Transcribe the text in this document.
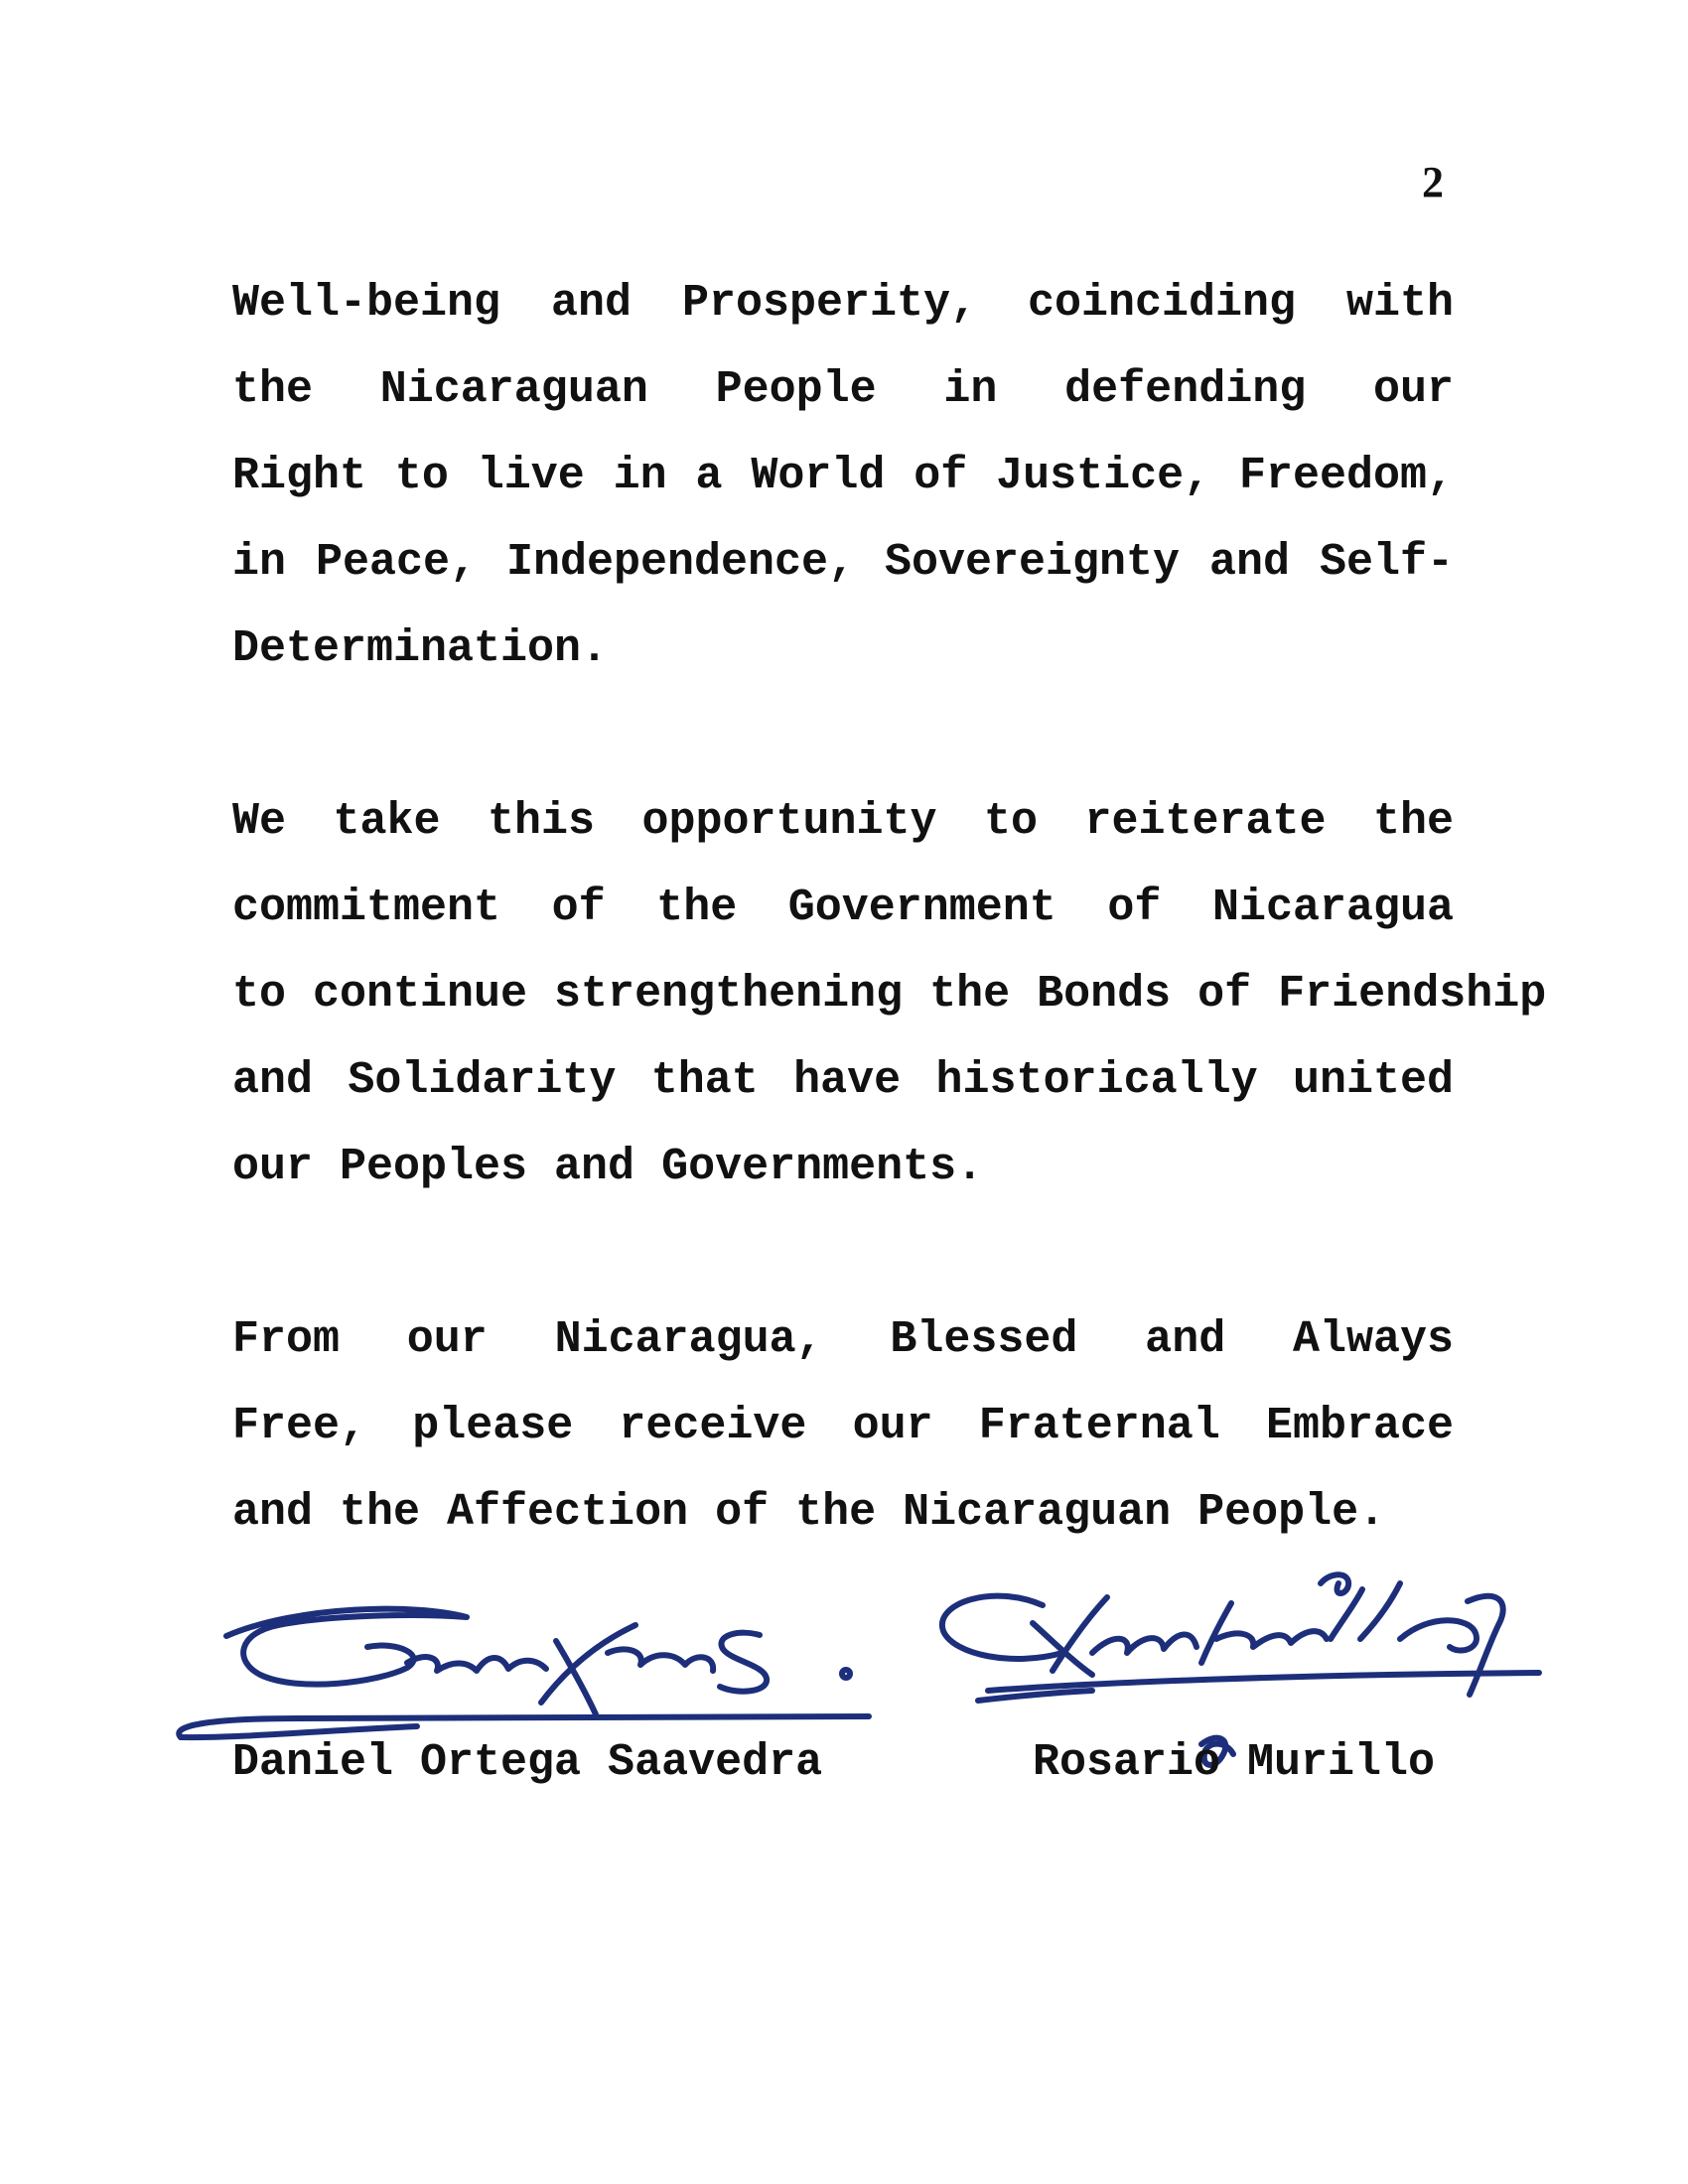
2
Well-being and Prosperity, coinciding with
the Nicaraguan People in defending our
Right to live in a World of Justice, Freedom,
in Peace, Independence, Sovereignty and Self-
Determination.
We take this opportunity to reiterate the
commitment of the Government of Nicaragua
to continue strengthening the Bonds of Friendship
and Solidarity that have historically united
our Peoples and Governments.
From our Nicaragua, Blessed and Always
Free, please receive our Fraternal Embrace
and the Affection of the Nicaraguan People.
Daniel Ortega Saavedra	Rosario Murillo
